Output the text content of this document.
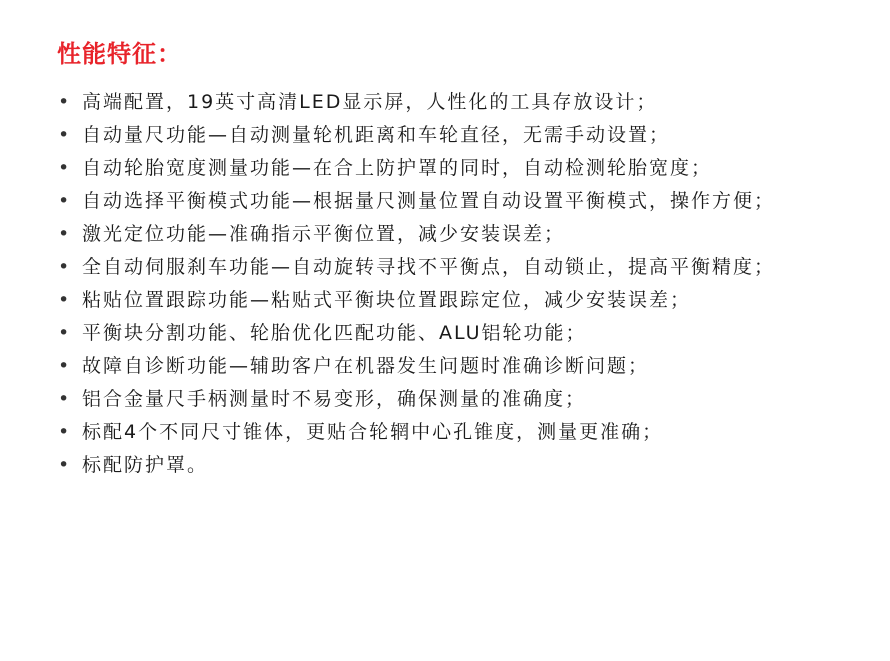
性能特征：
• 高端配置，19英寸高清LED显示屏，人性化的工具存放设计；
• 自动量尺功能—自动测量轮机距离和车轮直径，无需手动设置；
• 自动轮胎宽度测量功能—在合上防护罩的同时，自动检测轮胎宽度；
• 自动选择平衡模式功能—根据量尺测量位置自动设置平衡模式，操作方便；
• 激光定位功能—准确指示平衡位置，减少安装误差；
• 全自动伺服刹车功能—自动旋转寻找不平衡点，自动锁止，提高平衡精度；
• 粘贴位置跟踪功能—粘贴式平衡块位置跟踪定位，减少安装误差；
• 平衡块分割功能、轮胎优化匹配功能、ALU铝轮功能；
• 故障自诊断功能—辅助客户在机器发生问题时准确诊断问题；
• 铝合金量尺手柄测量时不易变形，确保测量的准确度；
• 标配4个不同尺寸锥体，更贴合轮辋中心孔锥度，测量更准确；
• 标配防护罩。
